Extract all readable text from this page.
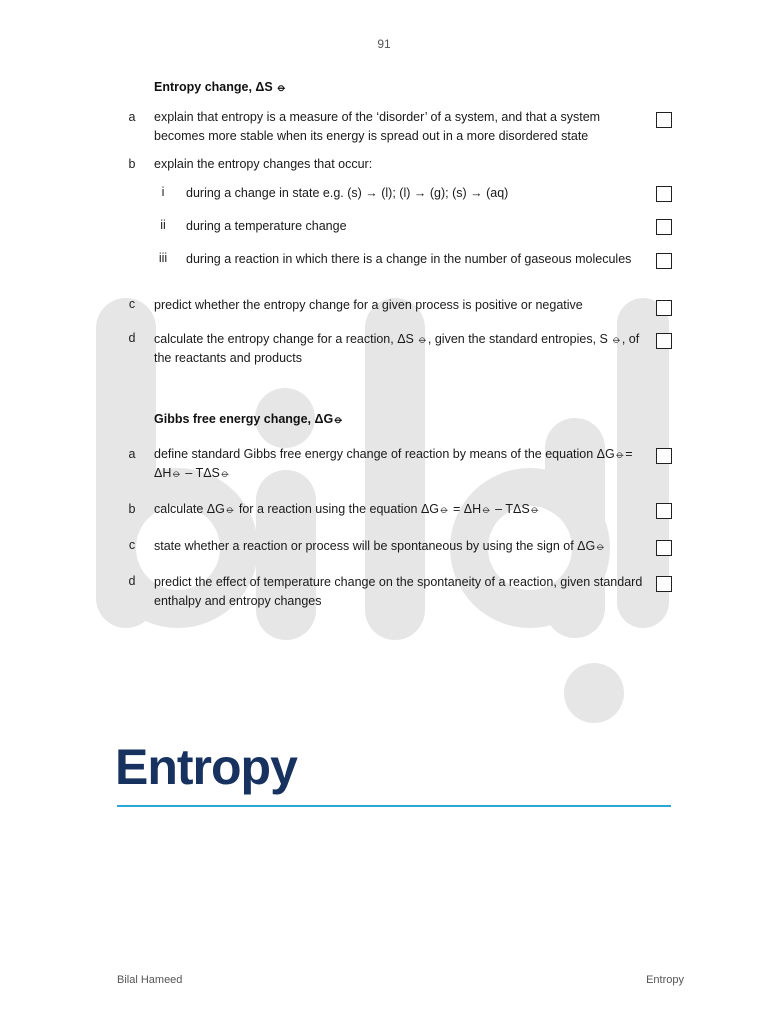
91
Entropy change, ΔS ⦵
a	explain that entropy is a measure of the ‘disorder’ of a system, and that a system becomes more stable when its energy is spread out in a more disordered state
b	explain the entropy changes that occur:
i	during a change in state e.g. (s) → (l); (l) → (g); (s) → (aq)
ii	during a temperature change
iii	during a reaction in which there is a change in the number of gaseous molecules
c	predict whether the entropy change for a given process is positive or negative
d	calculate the entropy change for a reaction, ΔS ⦵, given the standard entropies, S ⦵, of the reactants and products
Gibbs free energy change, ΔG⦵
a	define standard Gibbs free energy change of reaction by means of the equation ΔG⦵= ΔH⦵ – TΔS⦵
b	calculate ΔG⦵ for a reaction using the equation ΔG⦵ = ΔH⦵ – TΔS⦵
c	state whether a reaction or process will be spontaneous by using the sign of ΔG⦵
d	predict the effect of temperature change on the spontaneity of a reaction, given standard enthalpy and entropy changes
Entropy
Bilal Hameed	Entropy
